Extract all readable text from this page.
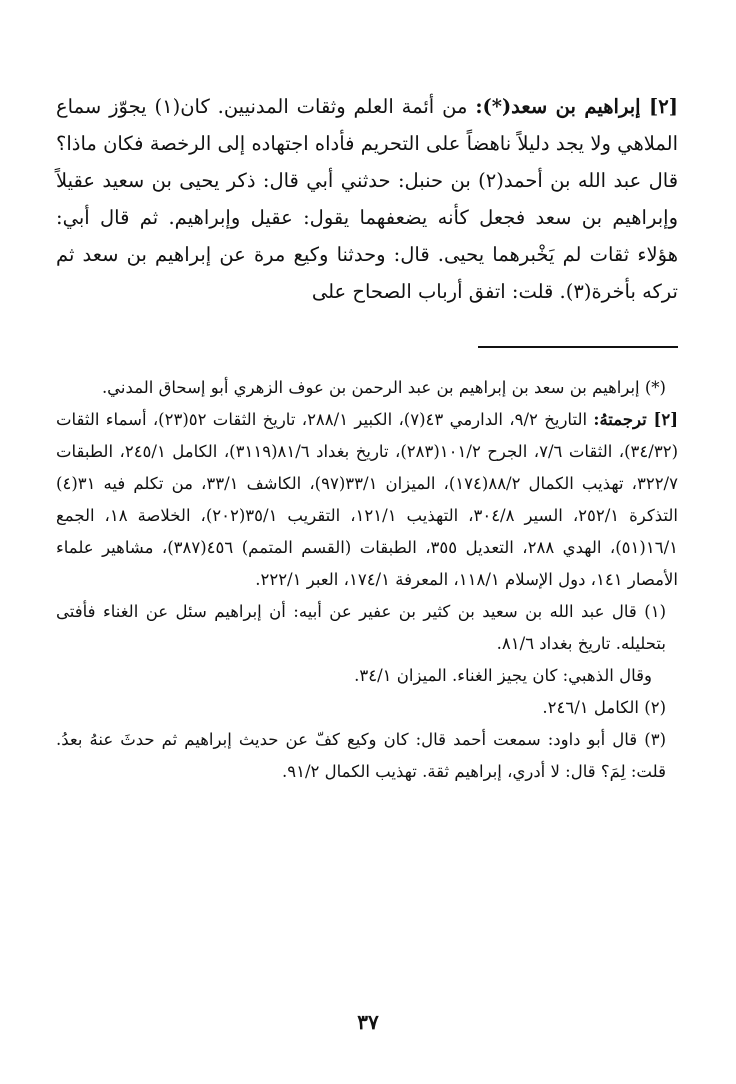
[٢] إبراهيم بن سعد(*): من أئمة العلم وثقات المدنيين. كان(١) يجوّز سماع الملاهي ولا يجد دليلاً ناهضاً على التحريم فأداه اجتهاده إلى الرخصة فكان ماذا؟ قال عبد الله بن أحمد(٢) بن حنبل: حدثني أبي قال: ذكر يحيى بن سعيد عقيلاً وإبراهيم بن سعد فجعل كأنه يضعفهما يقول: عقيل وإبراهيم. ثم قال أبي: هؤلاء ثقات لم يَخْبرهما يحيى. قال: وحدثنا وكيع مرة عن إبراهيم بن سعد ثم تركه بأخرة(٣). قلت: اتفق أرباب الصحاح على

(*) إبراهيم بن سعد بن إبراهيم بن عبد الرحمن بن عوف الزهري أبو إسحاق المدني.

[٢] ترجمتهُ: التاريخ ٩/٢، الدارمي ٤٣(٧)، الكبير ٢٨٨/١، تاريخ الثقات ٥٢(٢٣)، أسماء الثقات (٣٤/٣٢)، الثقات ٧/٦، الجرح ١٠١/٢(٢٨٣)، تاريخ بغداد ٨١/٦(٣١١٩)، الكامل ٢٤٥/١، الطبقات ٣٢٢/٧، تهذيب الكمال ٨٨/٢(١٧٤)، الميزان ٣٣/١(٩٧)، الكاشف ٣٣/١، من تكلم فيه ٣١(٤) التذكرة ٢٥٢/١، السير ٣٠٤/٨، التهذيب ١٢١/١، التقريب ٣٥/١(٢٠٢)، الخلاصة ١٨، الجمع ١٦/١(٥١)، الهدي ٢٨٨، التعديل ٣٥٥، الطبقات (القسم المتمم) ٤٥٦(٣٨٧)، مشاهير علماء الأمصار ١٤١، دول الإسلام ١١٨/١، المعرفة ١٧٤/١، العبر ٢٢٢/١.

(١) قال عبد الله بن سعيد بن كثير بن عفير عن أبيه: أن إبراهيم سئل عن الغناء فأفتى بتحليله. تاريخ بغداد ٨١/٦.

وقال الذهبي: كان يجيز الغناء. الميزان ٣٤/١.

(٢) الكامل ٢٤٦/١.

(٣) قال أبو داود: سمعت أحمد قال: كان وكيع كفّ عن حديث إبراهيم ثم حدثَ عنهُ بعدُ. قلت: لِمَ؟ قال: لا أدري، إبراهيم ثقة. تهذيب الكمال ٩١/٢.

٣٧
